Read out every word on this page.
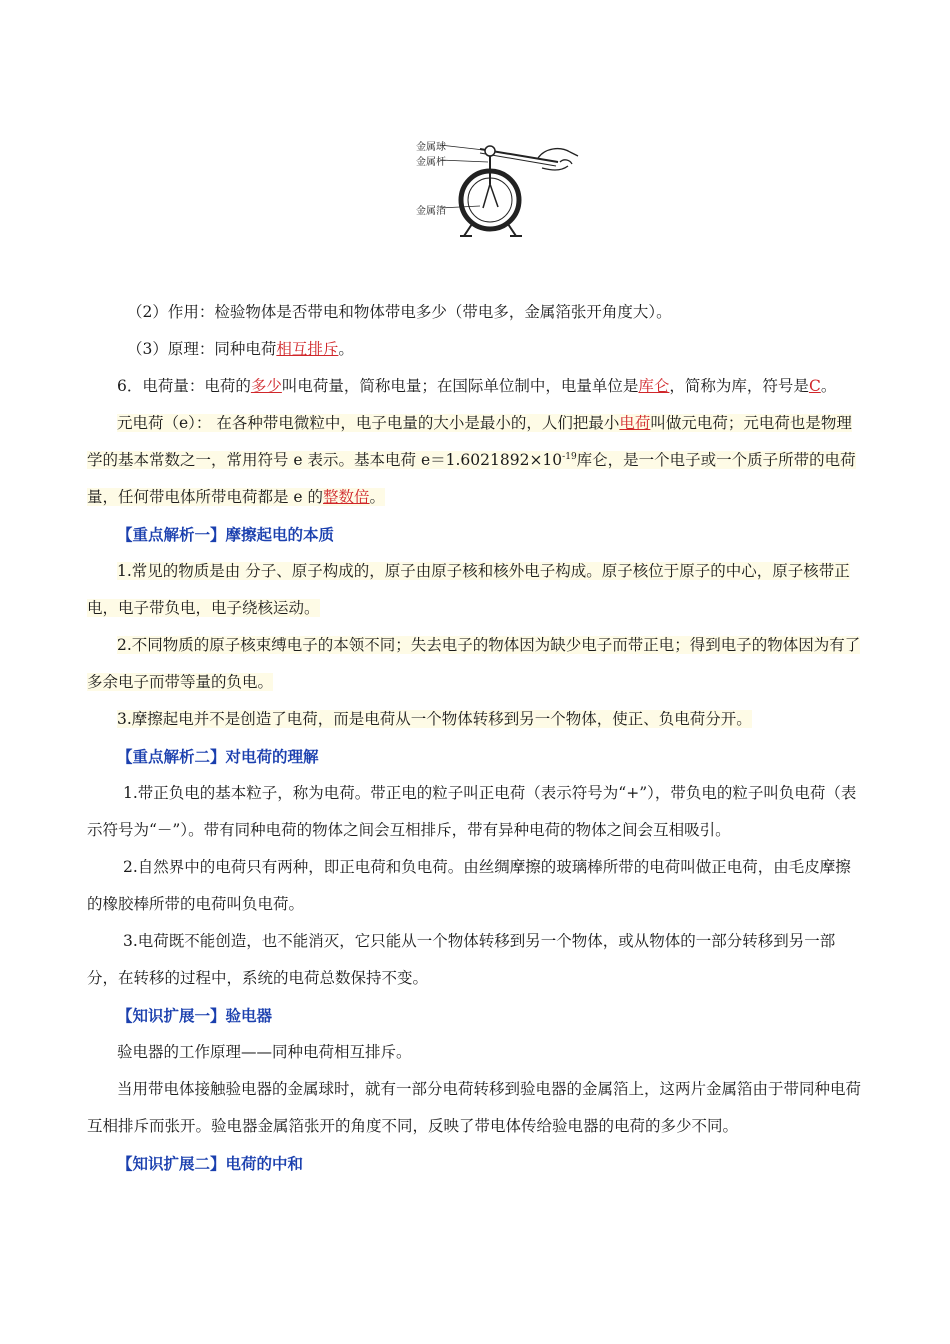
金属球
金属杆
金属箔

（2）作用：检验物体是否带电和物体带电多少（带电多，金属箔张开角度大）。

（3）原理：同种电荷相互排斥。

6．电荷量：电荷的多少叫电荷量，简称电量；在国际单位制中，电量单位是库仑，简称为库，符号是C。

元电荷（e）： 在各种带电微粒中，电子电量的大小是最小的，人们把最小电荷叫做元电荷；元电荷也是物理学的基本常数之一，常用符号 e 表示。基本电荷 $e=1.6021892\times 10^{-19}$库仑，是一个电子或一个质子所带的电荷量，任何带电体所带电荷都是 e 的整数倍。

【重点解析一】摩擦起电的本质

1.常见的物质是由 分子、原子构成的，原子由原子核和核外电子构成。原子核位于原子的中心，原子核带正电，电子带负电，电子绕核运动。

2.不同物质的原子核束缚电子的本领不同；失去电子的物体因为缺少电子而带正电；得到电子的物体因为有了多余电子而带等量的负电。

3.摩擦起电并不是创造了电荷，而是电荷从一个物体转移到另一个物体，使正、负电荷分开。

【重点解析二】对电荷的理解

1.带正负电的基本粒子，称为电荷。带正电的粒子叫正电荷（表示符号为“+”），带负电的粒子叫负电荷（表示符号为“－”）。带有同种电荷的物体之间会互相排斥，带有异种电荷的物体之间会互相吸引。

2.自然界中的电荷只有两种，即正电荷和负电荷。由丝绸摩擦的玻璃棒所带的电荷叫做正电荷，由毛皮摩擦的橡胶棒所带的电荷叫负电荷。

3.电荷既不能创造，也不能消灭，它只能从一个物体转移到另一个物体，或从物体的一部分转移到另一部分，在转移的过程中，系统的电荷总数保持不变。

【知识扩展一】验电器

验电器的工作原理——同种电荷相互排斥。

当用带电体接触验电器的金属球时，就有一部分电荷转移到验电器的金属箔上，这两片金属箔由于带同种电荷互相排斥而张开。验电器金属箔张开的角度不同，反映了带电体传给验电器的电荷的多少不同。

【知识扩展二】电荷的中和
